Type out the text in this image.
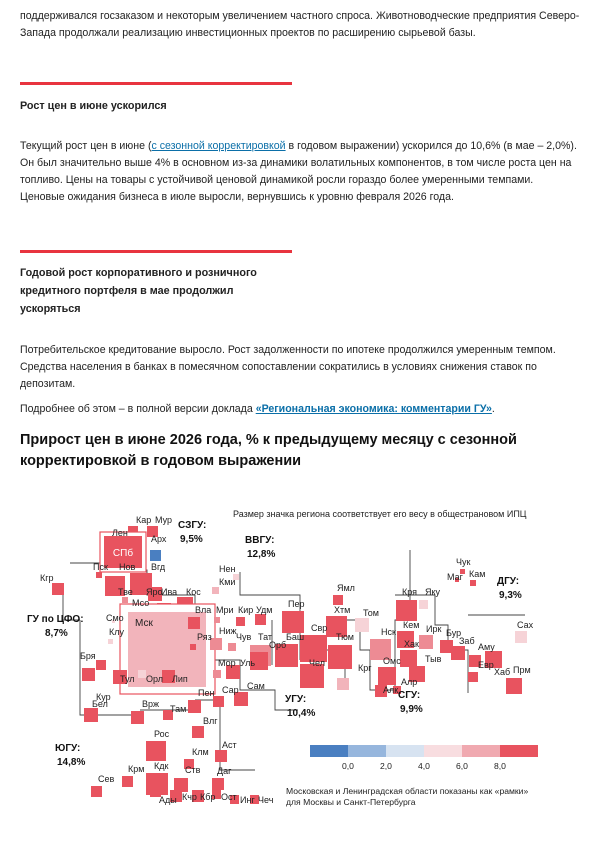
поддерживался госзаказом и некоторым увеличением частного спроса. Животноводческие предприятия Северо-Запада продолжали реализацию инвестиционных проектов по расширению сырьевой базы.

Рост цен в июне ускорился

Текущий рост цен в июне (с сезонной корректировкой в годовом выражении) ускорился до 10,6% (в мае – 2,0%). Он был значительно выше 4% в основном из-за динамики волатильных компонентов, в том числе роста цен на топливо. Цены на товары с устойчивой ценовой динамикой росли гораздо более умеренными темпами. Ценовые ожидания бизнеса в июле выросли, вернувшись к уровню февраля 2026 года.

Годовой рост корпоративного и розничного
кредитного портфеля в мае продолжил
ускоряться

Потребительское кредитование выросло. Рост задолженности по ипотеке продолжился умеренным темпом. Средства населения в банках в помесячном сопоставлении сократились в условиях снижения ставок по депозитам.

Подробнее об этом – в полной версии доклада «Региональная экономика: комментарии ГУ».

Прирост цен в июне 2026 года, % к предыдущему месяцу с сезонной
корректировкой в годовом выражении

Размер значка региона соответствует его весу в общестрановом ИПЦ
Кар Мур
Лен
СПб
Арх
Пск Нов Вгд
Кгр
Нен
Кми
Тве Яро
Мсо
Ива Кос
Смо Мск
Вла Мри Кир Удм
Пер
Ямл
Хтм Том
Кря Яку
Чук
Маг Кам
Клу	Ряз
Ниж
Чув Тат Баш
Свр
Тюм	Нск
Кем Ирк Бур
Хаб
Сах
Бря
Тул Орл Лип
Мор Уль
Орб
Чел
Кур
Омс
Алк
Хак
Тыв
Заб
Аму
Прм
Евр
Крг
Алр
Сам
Сар
Пен
Бел	Врж Там
Влг
Рос
Клм
Аст
Кдк
Крм
Сев
Ады
Ств Даг
Кчр Кбр Ост Инг Чеч
СЗГУ:
9,5%	ВВГУ:
12,8%
ДГУ:
9,3%
ГУ по ЦФО:
8,7%
УГУ:
10,4%
СГУ:
9,9%
ЮГУ:
14,8%	0,0	2,0	4,0	6,0	8,0
Московская и Ленинградская области показаны как «рамки»
для Москвы и Санкт-Петербурга
